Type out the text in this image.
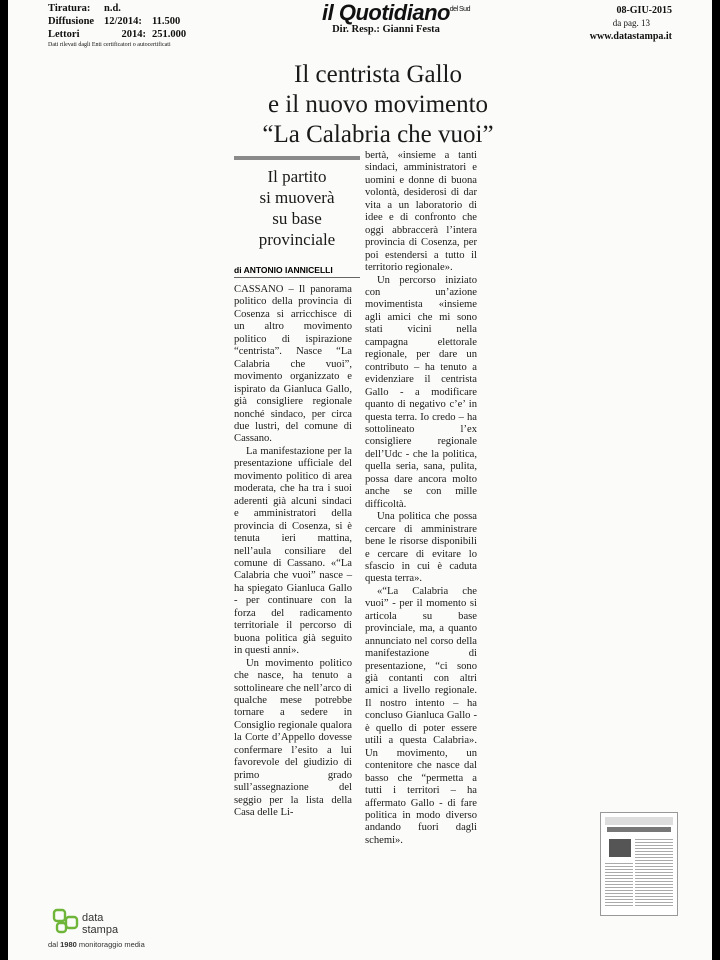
Tiratura:	n.d.
Diffusione 12/2014: 11.500
Lettori	2014: 251.000
Dati rilevati dagli Enti certificatori o autocertificati
il Quotidiano del Sud
Dir. Resp.: Gianni Festa
08-GIU-2015
da pag. 13
www.datastampa.it
Il centrista Gallo
e il nuovo movimento
“La Calabria che vuoi”
Il partito
si muoverà
su base
provinciale
di ANTONIO IANNICELLI

CASSANO – Il panorama politico della provincia di Cosenza si arricchisce di un altro movimento politico di ispirazione “centrista”. Nasce “La Calabria che vuoi”, movimento organizzato e ispirato da Gianluca Gallo, già consigliere regionale nonché sindaco, per circa due lustri, del comune di Cassano.

La manifestazione per la presentazione ufficiale del movimento politico di area moderata, che ha tra i suoi aderenti già alcuni sindaci e amministratori della provincia di Cosenza, si è tenuta ieri mattina, nell’aula consiliare del comune di Cassano. «“La Calabria che vuoi” nasce – ha spiegato Gianluca Gallo - per continuare con la forza del radicamento territoriale il percorso di buona politica già seguito in questi anni».

Un movimento politico che nasce, ha tenuto a sottolineare che nell’arco di qualche mese potrebbe tornare a sedere in Consiglio regionale qualora la Corte d’Appello dovesse confermare l’esito a lui favorevole del giudizio di primo grado sull’assegnazione del seggio per la lista della Casa delle Li-

bertà, «insieme a tanti sindaci, amministratori e uomini e donne di buona volontà, desiderosi di dar vita a un laboratorio di idee e di confronto che oggi abbraccerà l’intera provincia di Cosenza, per poi estendersi a tutto il territorio regionale».

Un percorso iniziato con un’azione movimentista «insieme agli amici che mi sono stati vicini nella campagna elettorale regionale, per dare un contributo – ha tenuto a evidenziare il centrista Gallo - a modificare quanto di negativo c’e’ in questa terra. Io credo – ha sottolineato l’ex consigliere regionale dell’Udc - che la politica, quella seria, sana, pulita, possa dare ancora molto anche se con mille difficoltà.

Una politica che possa cercare di amministrare bene le risorse disponibili e cercare di evitare lo sfascio in cui è caduta questa terra».

«“La Calabria che vuoi” - per il momento si articola su base provinciale, ma, a quanto annunciato nel corso della manifestazione di presentazione, “ci sono già contanti con altri amici a livello regionale. Il nostro intento – ha concluso Gianluca Gallo - è quello di poter essere utili a questa Calabria». Un movimento, un contenitore che nasce dal basso che “permetta a tutti i territori – ha affermato Gallo - di fare politica in modo diverso andando fuori dagli schemi».

data
stampa
dal 1980 monitoraggio media
